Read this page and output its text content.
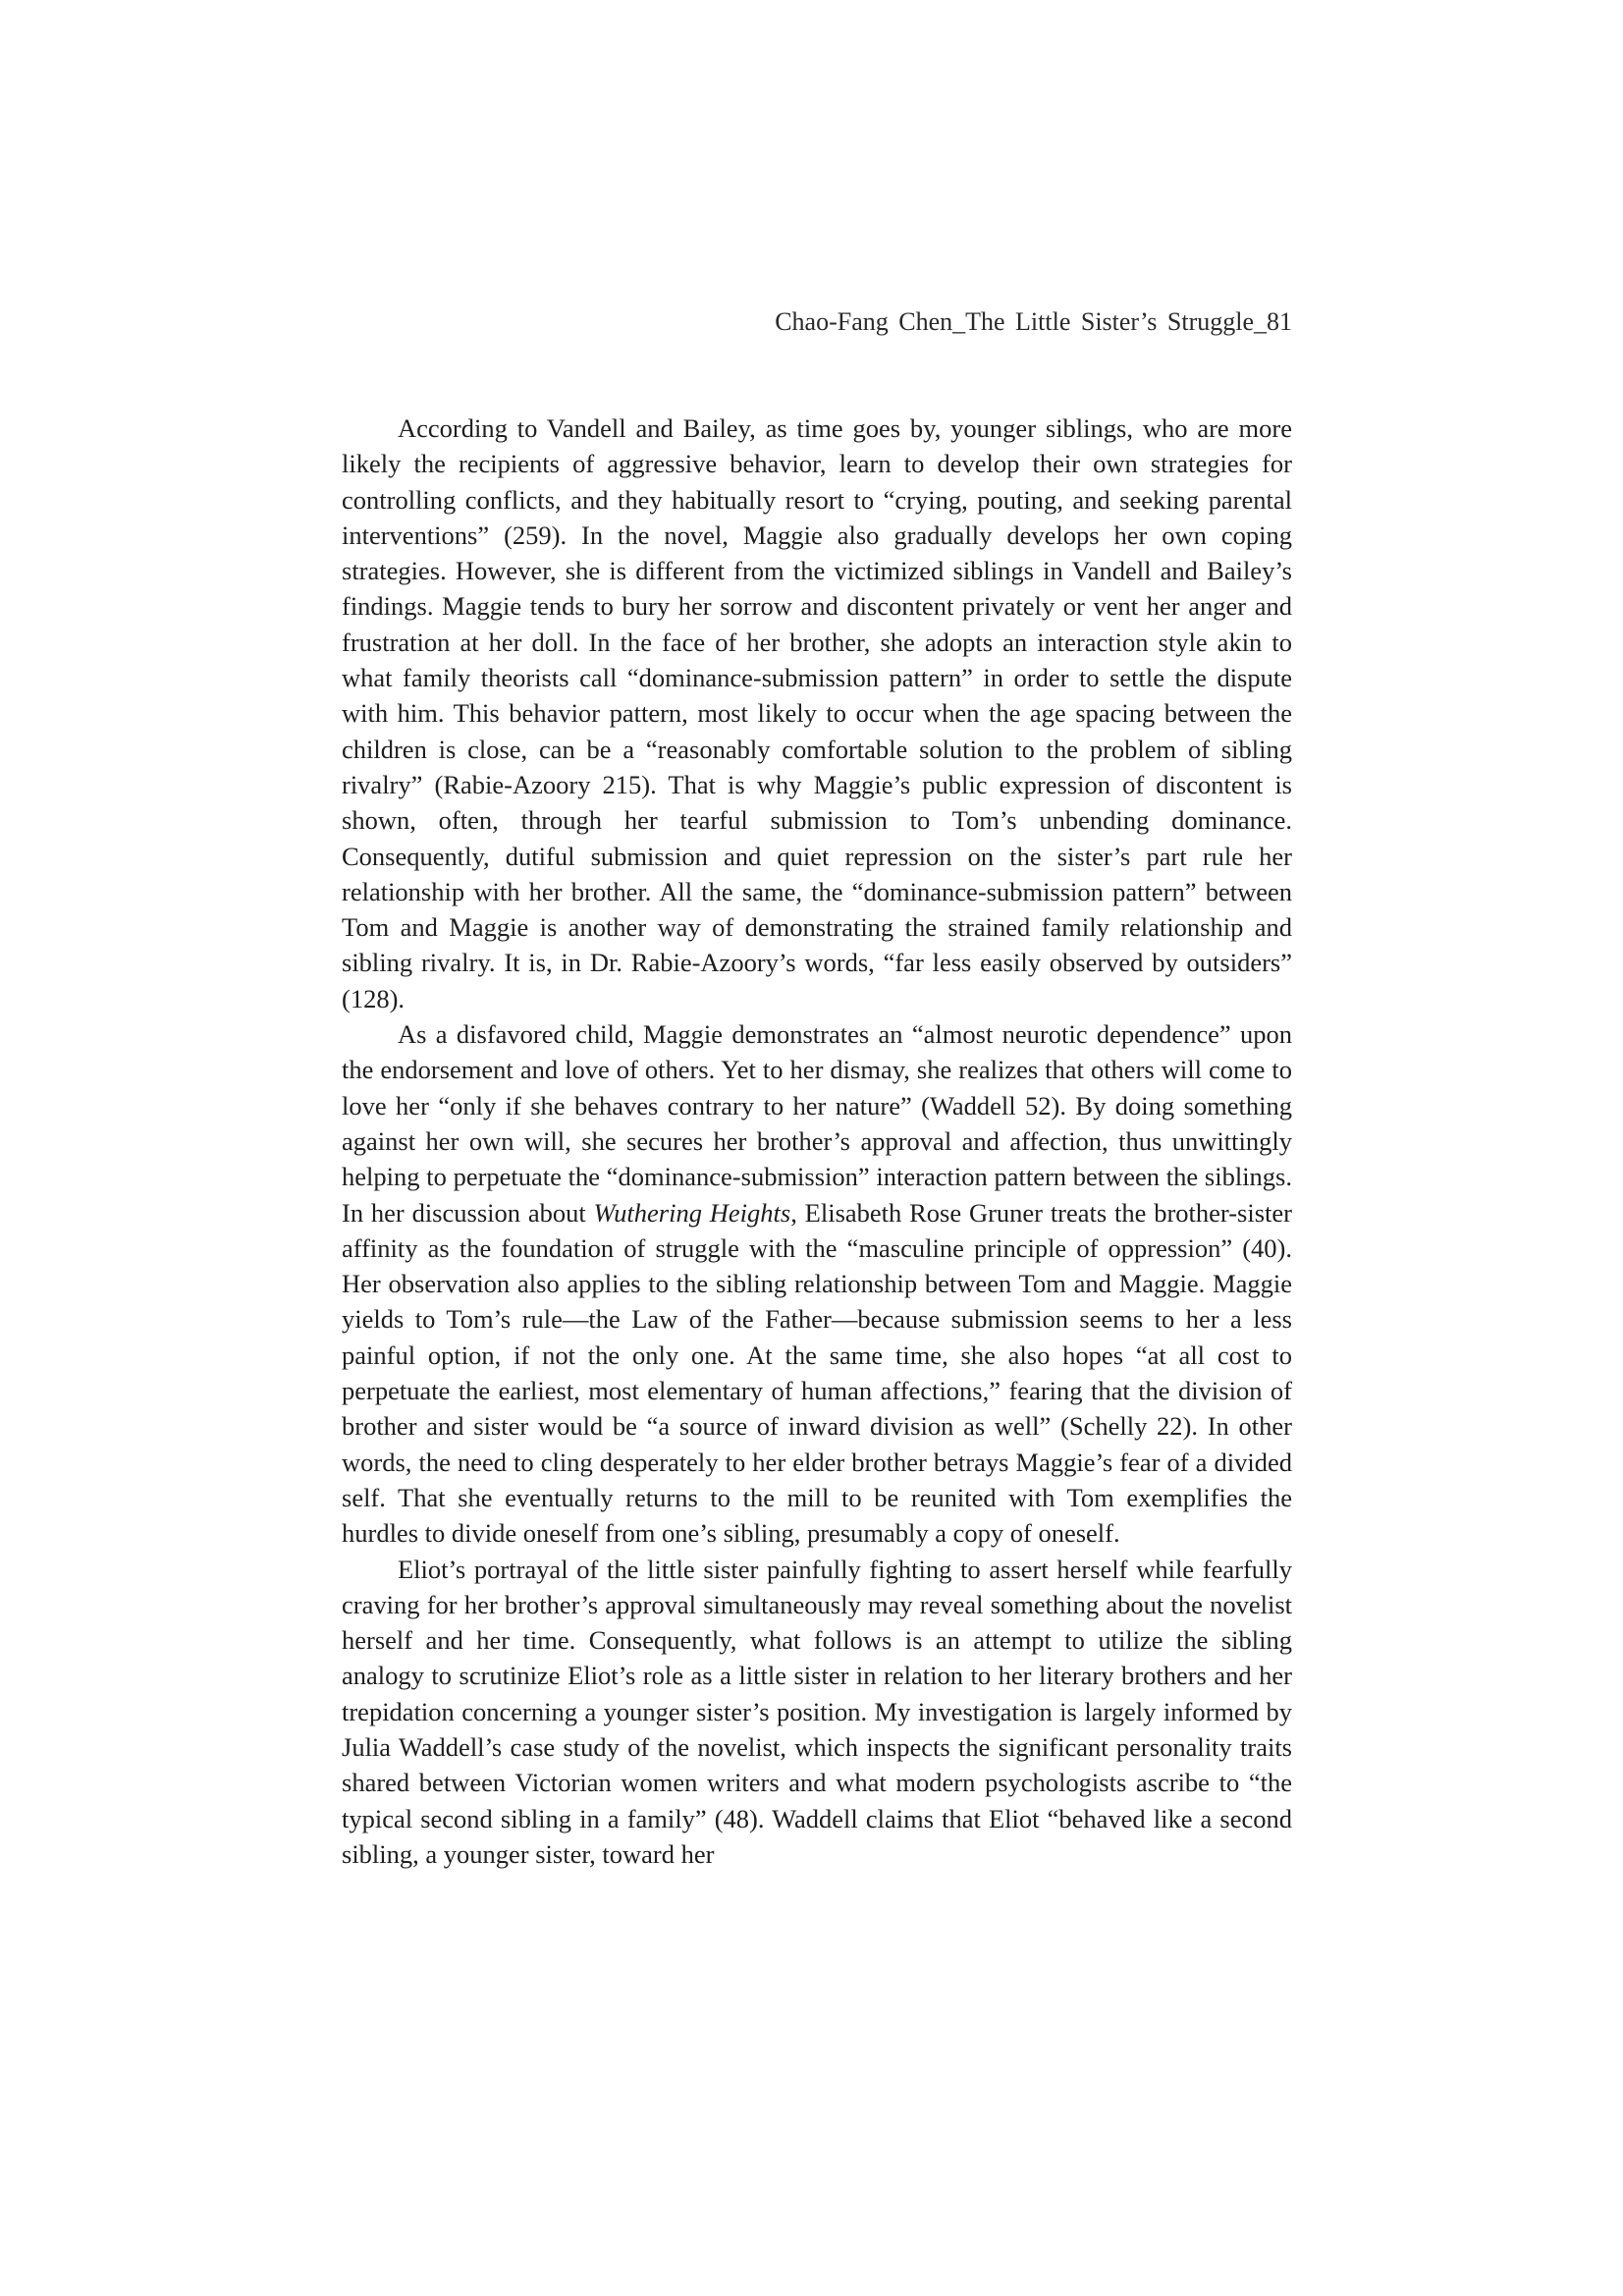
Chao-Fang Chen_The Little Sister’s Struggle_81

According to Vandell and Bailey, as time goes by, younger siblings, who are more likely the recipients of aggressive behavior, learn to develop their own strategies for controlling conflicts, and they habitually resort to “crying, pouting, and seeking parental interventions” (259). In the novel, Maggie also gradually develops her own coping strategies. However, she is different from the victimized siblings in Vandell and Bailey’s findings. Maggie tends to bury her sorrow and discontent privately or vent her anger and frustration at her doll. In the face of her brother, she adopts an interaction style akin to what family theorists call “dominance-submission pattern” in order to settle the dispute with him. This behavior pattern, most likely to occur when the age spacing between the children is close, can be a “reasonably comfortable solution to the problem of sibling rivalry” (Rabie-Azoory 215). That is why Maggie’s public expression of discontent is shown, often, through her tearful submission to Tom’s unbending dominance. Consequently, dutiful submission and quiet repression on the sister’s part rule her relationship with her brother. All the same, the “dominance-submission pattern” between Tom and Maggie is another way of demonstrating the strained family relationship and sibling rivalry. It is, in Dr. Rabie-Azoory’s words, “far less easily observed by outsiders” (128).

As a disfavored child, Maggie demonstrates an “almost neurotic dependence” upon the endorsement and love of others. Yet to her dismay, she realizes that others will come to love her “only if she behaves contrary to her nature” (Waddell 52). By doing something against her own will, she secures her brother’s approval and affection, thus unwittingly helping to perpetuate the “dominance-submission” interaction pattern between the siblings. In her discussion about Wuthering Heights, Elisabeth Rose Gruner treats the brother-sister affinity as the foundation of struggle with the “masculine principle of oppression” (40). Her observation also applies to the sibling relationship between Tom and Maggie. Maggie yields to Tom’s rule—the Law of the Father—because submission seems to her a less painful option, if not the only one. At the same time, she also hopes “at all cost to perpetuate the earliest, most elementary of human affections,” fearing that the division of brother and sister would be “a source of inward division as well” (Schelly 22). In other words, the need to cling desperately to her elder brother betrays Maggie’s fear of a divided self. That she eventually returns to the mill to be reunited with Tom exemplifies the hurdles to divide oneself from one’s sibling, presumably a copy of oneself.

Eliot’s portrayal of the little sister painfully fighting to assert herself while fearfully craving for her brother’s approval simultaneously may reveal something about the novelist herself and her time. Consequently, what follows is an attempt to utilize the sibling analogy to scrutinize Eliot’s role as a little sister in relation to her literary brothers and her trepidation concerning a younger sister’s position. My investigation is largely informed by Julia Waddell’s case study of the novelist, which inspects the significant personality traits shared between Victorian women writers and what modern psychologists ascribe to “the typical second sibling in a family” (48). Waddell claims that Eliot “behaved like a second sibling, a younger sister, toward her
